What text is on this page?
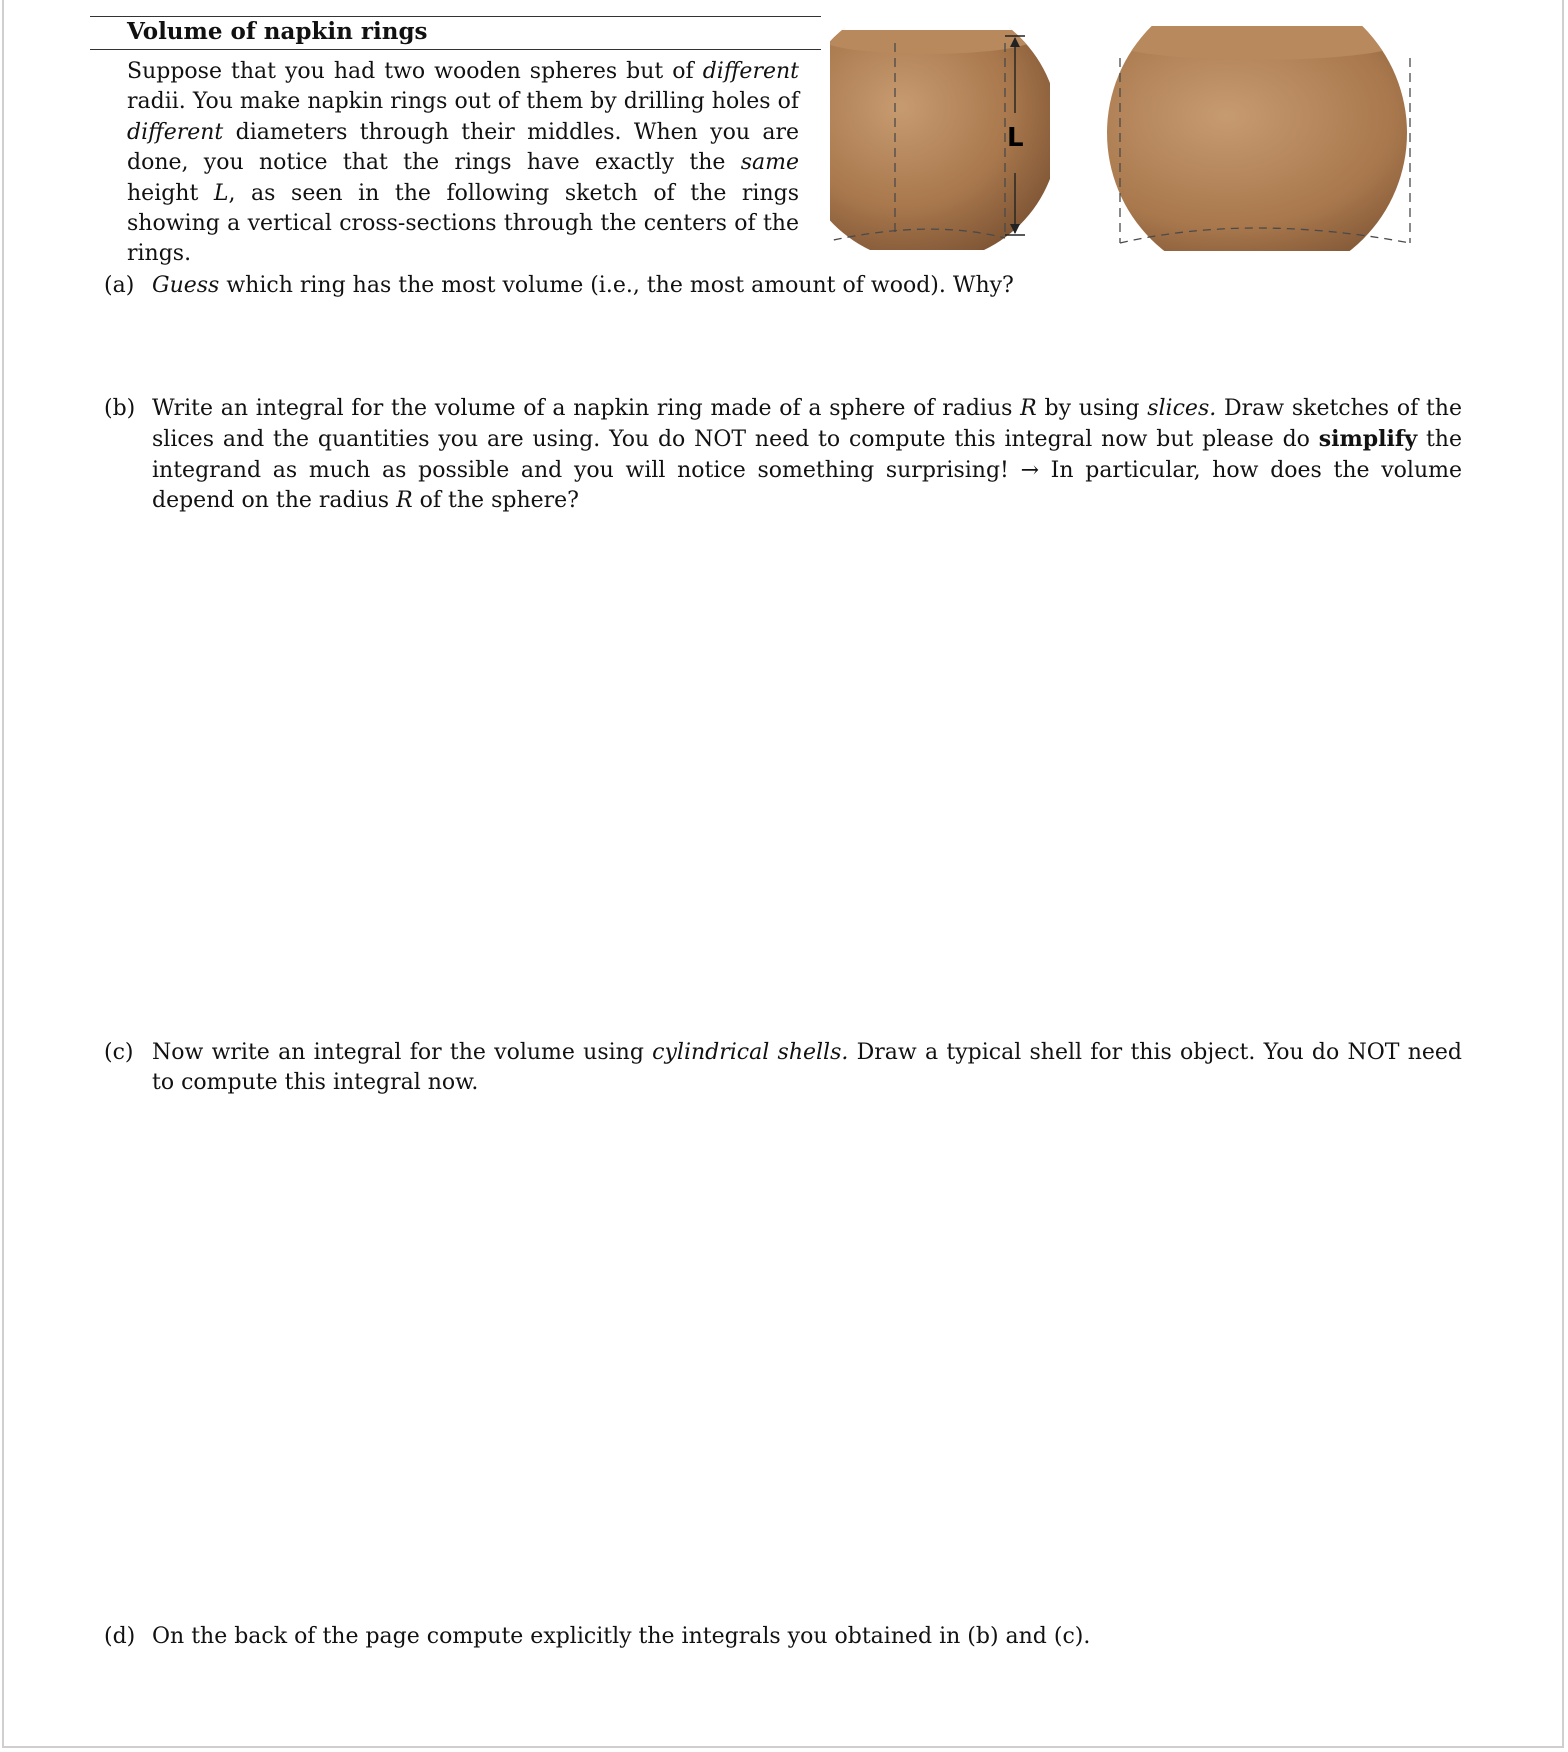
Volume of napkin rings
Suppose that you had two wooden spheres but of different radii. You make napkin rings out of them by drilling holes of different diameters through their middles. When you are done, you notice that the rings have exactly the same height L, as seen in the following sketch of the rings showing a vertical cross-sections through the centers of the rings.
L
(a) Guess which ring has the most volume (i.e., the most amount of wood). Why?
(b) Write an integral for the volume of a napkin ring made of a sphere of radius R by using slices. Draw sketches of the slices and the quantities you are using. You do NOT need to compute this integral now but please do simplify the integrand as much as possible and you will notice something surprising! → In particular, how does the volume depend on the radius R of the sphere?
(c) Now write an integral for the volume using cylindrical shells. Draw a typical shell for this object. You do NOT need to compute this integral now.
(d) On the back of the page compute explicitly the integrals you obtained in (b) and (c).
